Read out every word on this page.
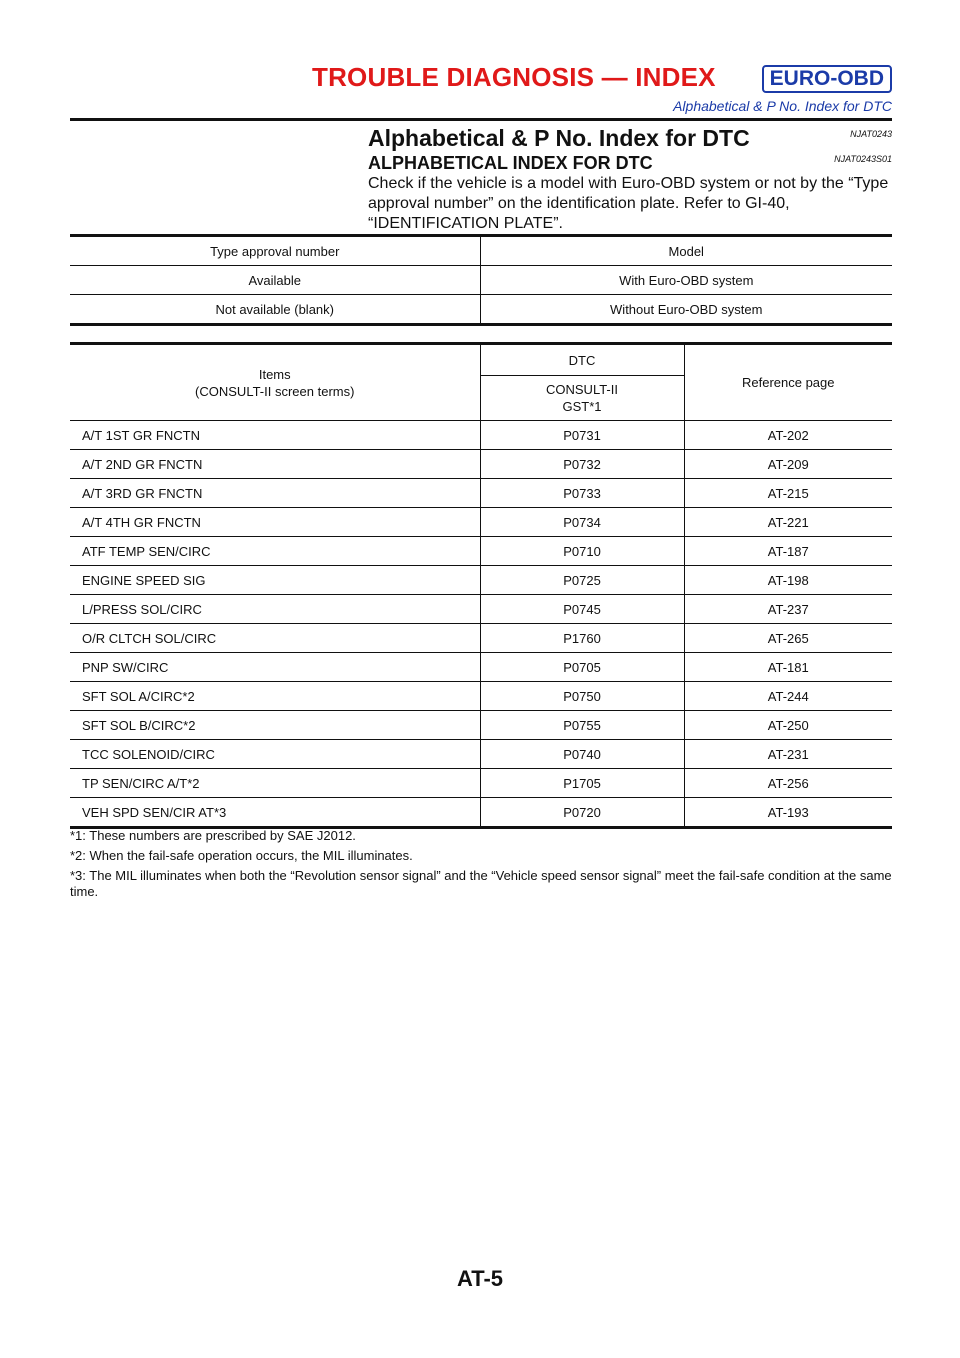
TROUBLE DIAGNOSIS — INDEX	EURO-OBD
Alphabetical & P No. Index for DTC
Alphabetical & P No. Index for DTC	NJAT0243
ALPHABETICAL INDEX FOR DTC	NJAT0243S01
Check if the vehicle is a model with Euro-OBD system or not by the “Type approval number” on the identification plate. Refer to GI-40, “IDENTIFICATION PLATE”.
Type approval number	Model
Available	With Euro-OBD system
Not available (blank)	Without Euro-OBD system
Items
(CONSULT-II screen terms)	DTC	Reference page

	CONSULT-II
GST*1	

A/T 1ST GR FNCTN	P0731	AT-202
A/T 2ND GR FNCTN	P0732	AT-209
A/T 3RD GR FNCTN	P0733	AT-215
A/T 4TH GR FNCTN	P0734	AT-221
ATF TEMP SEN/CIRC	P0710	AT-187
ENGINE SPEED SIG	P0725	AT-198
L/PRESS SOL/CIRC	P0745	AT-237
O/R CLTCH SOL/CIRC	P1760	AT-265
PNP SW/CIRC	P0705	AT-181
SFT SOL A/CIRC*2	P0750	AT-244
SFT SOL B/CIRC*2	P0755	AT-250
TCC SOLENOID/CIRC	P0740	AT-231
TP SEN/CIRC A/T*2	P1705	AT-256
VEH SPD SEN/CIR AT*3	P0720	AT-193

*1: These numbers are prescribed by SAE J2012.

*2: When the fail-safe operation occurs, the MIL illuminates.

*3: The MIL illuminates when both the “Revolution sensor signal” and the “Vehicle speed sensor signal” meet the fail-safe condition at the same time.

AT-5
